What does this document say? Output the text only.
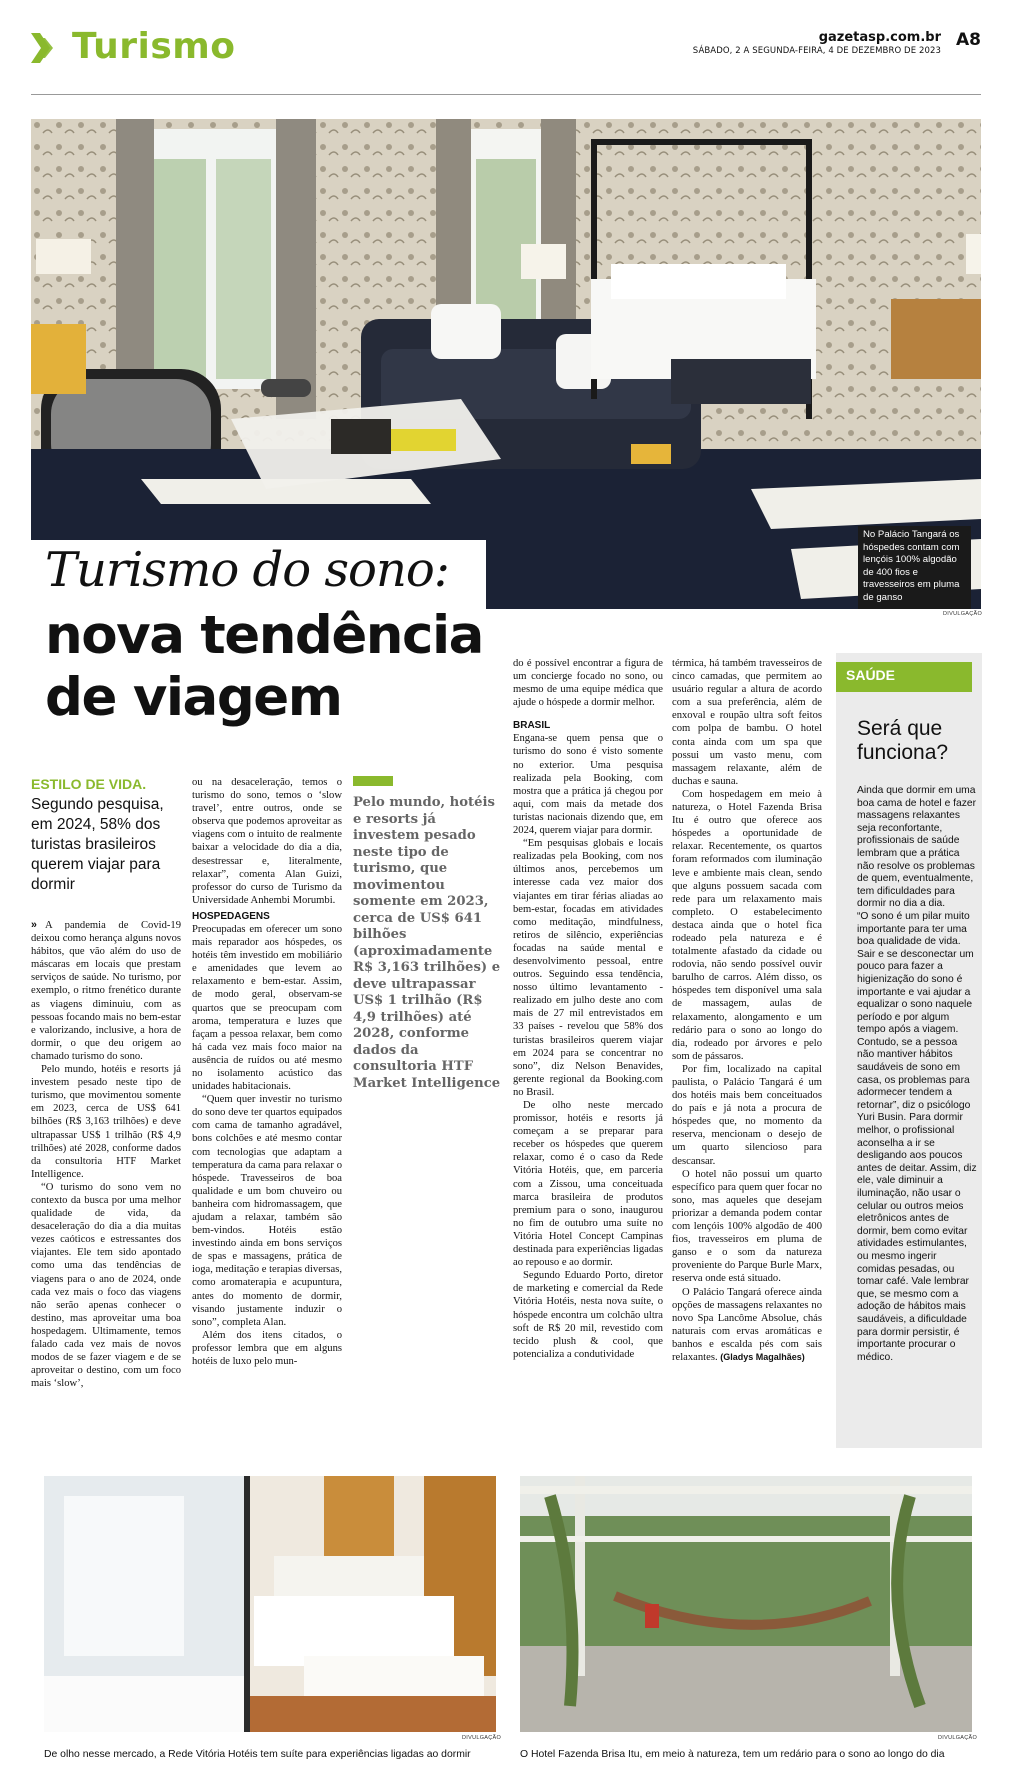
Turismo	gazetasp.com.br
SÁBADO, 2 A SEGUNDA-FEIRA, 4 DE DEZEMBRO DE 2023
A8
No Palácio Tangará os hóspedes contam com lençóis 100% algodão de 400 fios e travesseiros em pluma de ganso
DIVULGAÇÃO
Turismo do sono:
nova tendência
de viagem
ESTILO DE VIDA.
Segundo pesquisa, em 2024, 58% dos turistas brasileiros querem viajar para dormir

» A pandemia de Covid-19 deixou como herança alguns novos hábitos, que vão além do uso de máscaras em locais que prestam serviços de saúde. No turismo, por exemplo, o ritmo frenético durante as viagens diminuiu, com as pessoas focando mais no bem-estar e valorizando, inclusive, a hora de dormir, o que deu origem ao chamado turismo do sono.

Pelo mundo, hotéis e resorts já investem pesado neste tipo de turismo, que movimentou somente em 2023, cerca de US$ 641 bilhões (R$ 3,163 trilhões) e deve ultrapassar US$ 1 trilhão (R$ 4,9 trilhões) até 2028, conforme dados da consultoria HTF Market Intelligence.

“O turismo do sono vem no contexto da busca por uma melhor qualidade de vida, da desaceleração do dia a dia muitas vezes caóticos e estressantes dos viajantes. Ele tem sido apontado como uma das tendências de viagens para o ano de 2024, onde cada vez mais o foco das viagens não serão apenas conhecer o destino, mas aproveitar uma boa hospedagem. Ultimamente, temos falado cada vez mais de novos modos de se fazer viagem e de se aproveitar o destino, com um foco mais ‘slow’,

ou na desaceleração, temos o turismo do sono, temos o ‘slow travel’, entre outros, onde se observa que podemos aproveitar as viagens com o intuito de realmente baixar a velocidade do dia a dia, desestressar e, literalmente, relaxar”, comenta Alan Guizi, professor do curso de Turismo da Universidade Anhembi Morumbi.

HOSPEDAGENS

Preocupadas em oferecer um sono mais reparador aos hóspedes, os hotéis têm investido em mobiliário e amenidades que levem ao relaxamento e bem-estar. Assim, de modo geral, observam-se quartos que se preocupam com aroma, temperatura e luzes que façam a pessoa relaxar, bem como há cada vez mais foco maior na ausência de ruídos ou até mesmo no isolamento acústico das unidades habitacionais.

“Quem quer investir no turismo do sono deve ter quartos equipados com cama de tamanho agradável, bons colchões e até mesmo contar com tecnologias que adaptam a temperatura da cama para relaxar o hóspede. Travesseiros de boa qualidade e um bom chuveiro ou banheira com hidromassagem, que ajudam a relaxar, também são bem-vindos. Hotéis estão investindo ainda em bons serviços de spas e massagens, prática de ioga, meditação e terapias diversas, como aromaterapia e acupuntura, antes do momento de dormir, visando justamente induzir o sono”, completa Alan.

Além dos itens citados, o professor lembra que em alguns hotéis de luxo pelo mun-

Pelo mundo, hotéis e resorts já investem pesado neste tipo de turismo, que movimentou somente em 2023, cerca de US$ 641 bilhões (aproximadamente R$ 3,163 trilhões) e deve ultrapassar US$ 1 trilhão (R$ 4,9 trilhões) até 2028, conforme dados da consultoria HTF Market Intelligence

do é possível encontrar a figura de um concierge focado no sono, ou mesmo de uma equipe médica que ajude o hóspede a dormir melhor.

BRASIL

Engana-se quem pensa que o turismo do sono é visto somente no exterior. Uma pesquisa realizada pela Booking, com mostra que a prática já chegou por aqui, com mais da metade dos turistas nacionais dizendo que, em 2024, querem viajar para dormir.

“Em pesquisas globais e locais realizadas pela Booking, com nos últimos anos, percebemos um interesse cada vez maior dos viajantes em tirar férias aliadas ao bem-estar, focadas em atividades como meditação, mindfulness, retiros de silêncio, experiências focadas na saúde mental e desenvolvimento pessoal, entre outros. Seguindo essa tendência, nosso último levantamento - realizado em julho deste ano com mais de 27 mil entrevistados em 33 países - revelou que 58% dos turistas brasileiros querem viajar em 2024 para se concentrar no sono”, diz Nelson Benavides, gerente regional da Booking.com no Brasil.

De olho neste mercado promissor, hotéis e resorts já começam a se preparar para receber os hóspedes que querem relaxar, como é o caso da Rede Vitória Hotéis, que, em parceria com a Zissou, uma conceituada marca brasileira de produtos premium para o sono, inaugurou no fim de outubro uma suíte no Vitória Hotel Concept Campinas destinada para experiências ligadas ao repouso e ao dormir.

Segundo Eduardo Porto, diretor de marketing e comercial da Rede Vitória Hotéis, nesta nova suíte, o hóspede encontra um colchão ultra soft de R$ 20 mil, revestido com tecido plush & cool, que potencializa a condutividade

térmica, há também travesseiros de cinco camadas, que permitem ao usuário regular a altura de acordo com a sua preferência, além de enxoval e roupão ultra soft feitos com polpa de bambu. O hotel conta ainda com um spa que possui um vasto menu, com massagem relaxante, além de duchas e sauna.

Com hospedagem em meio à natureza, o Hotel Fazenda Brisa Itu é outro que oferece aos hóspedes a oportunidade de relaxar. Recentemente, os quartos foram reformados com iluminação leve e ambiente mais clean, sendo que alguns possuem sacada com rede para um relaxamento mais completo. O estabelecimento destaca ainda que o hotel fica rodeado pela natureza e é totalmente afastado da cidade ou rodovia, não sendo possível ouvir barulho de carros. Além disso, os hóspedes tem disponível uma sala de massagem, aulas de relaxamento, alongamento e um redário para o sono ao longo do dia, rodeado por árvores e pelo som de pássaros.

Por fim, localizado na capital paulista, o Palácio Tangará é um dos hotéis mais bem conceituados do país e já nota a procura de hóspedes que, no momento da reserva, mencionam o desejo de um quarto silencioso para descansar.

O hotel não possui um quarto específico para quem quer focar no sono, mas aqueles que desejam priorizar a demanda podem contar com lençóis 100% algodão de 400 fios, travesseiros em pluma de ganso e o som da natureza proveniente do Parque Burle Marx, reserva onde está situado.

O Palácio Tangará oferece ainda opções de massagens relaxantes no novo Spa Lancôme Absolue, chás naturais com ervas aromáticas e banhos e escalda pés com sais relaxantes. (Gladys Magalhães)

SAÚDE
Será que funciona?

Ainda que dormir em uma boa cama de hotel e fazer massagens relaxantes seja reconfortante, profissionais de saúde lembram que a prática não resolve os problemas de quem, eventualmente, tem dificuldades para dormir no dia a dia.

“O sono é um pilar muito importante para ter uma boa qualidade de vida. Sair e se desconectar um pouco para fazer a higienização do sono é importante e vai ajudar a equalizar o sono naquele período e por algum tempo após a viagem. Contudo, se a pessoa não mantiver hábitos saudáveis de sono em casa, os problemas para adormecer tendem a retornar”, diz o psicólogo Yuri Busin. Para dormir melhor, o profissional aconselha a ir se desligando aos poucos antes de deitar. Assim, diz ele, vale diminuir a iluminação, não usar o celular ou outros meios eletrônicos antes de dormir, bem como evitar atividades estimulantes, ou mesmo ingerir comidas pesadas, ou tomar café. Vale lembrar que, se mesmo com a adoção de hábitos mais saudáveis, a dificuldade para dormir persistir, é importante procurar o médico.

DIVULGAÇÃO	DIVULGAÇÃO
De olho nesse mercado, a Rede Vitória Hotéis tem suíte para experiências ligadas ao dormir	O Hotel Fazenda Brisa Itu, em meio à natureza, tem um redário para o sono ao longo do dia
